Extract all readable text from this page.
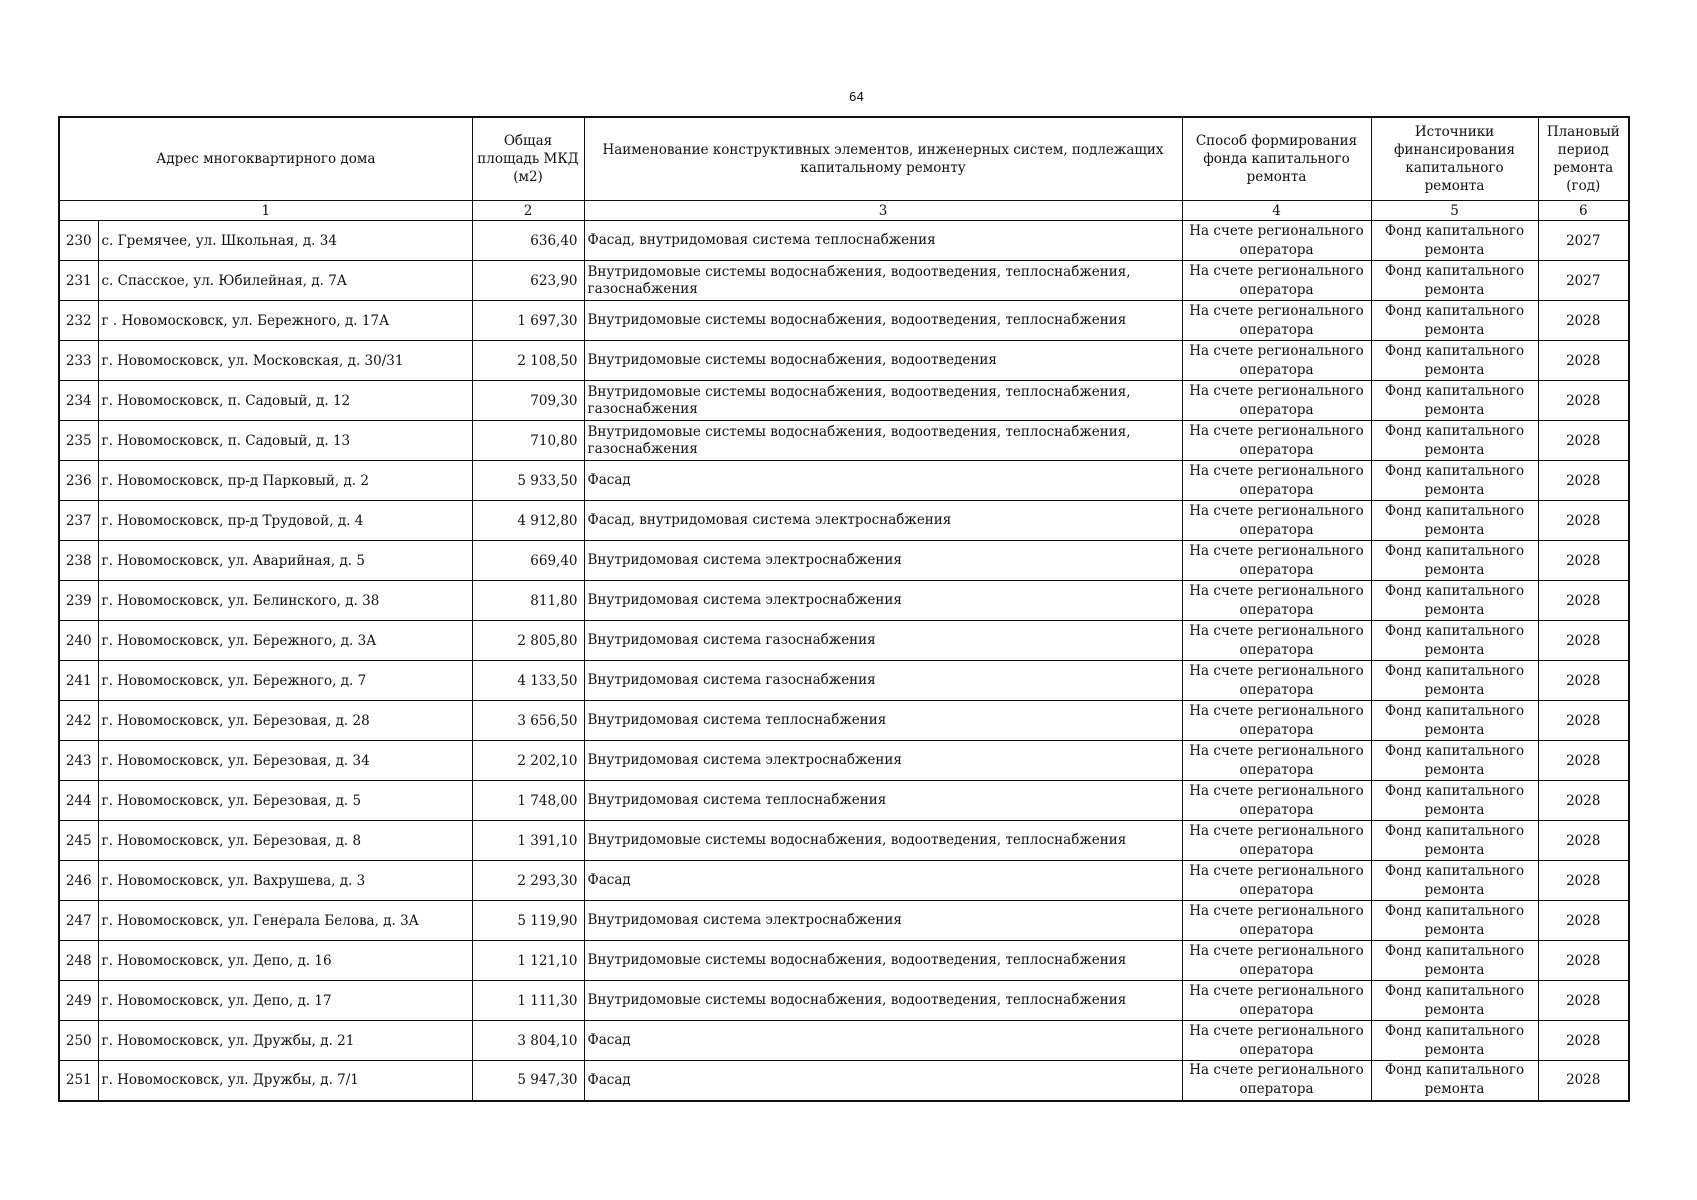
64
Адрес многоквартирного дома		Общая площадь МКД (м2)	Наименование конструктивных элементов, инженерных систем, подлежащих капитальному ремонту	Способ формирования фонда капитального ремонта	Источники финансирования капитального ремонта	Плановый период ремонта (год)
1		2	3	4	5	6
230	с. Гремячее, ул. Школьная, д. 34	636,40	Фасад, внутридомовая система теплоснабжения	На счете регионального оператора	Фонд капитального ремонта	2027
231	с. Спасское, ул. Юбилейная, д. 7А	623,90	Внутридомовые системы водоснабжения, водоотведения, теплоснабжения, газоснабжения	На счете регионального оператора	Фонд капитального ремонта	2027
232	г . Новомосковск, ул. Бережного, д. 17А	1 697,30	Внутридомовые системы водоснабжения, водоотведения, теплоснабжения	На счете регионального оператора	Фонд капитального ремонта	2028
233	г. Новомосковск, ул. Московская, д. 30/31	2 108,50	Внутридомовые системы водоснабжения, водоотведения	На счете регионального оператора	Фонд капитального ремонта	2028
234	г. Новомосковск, п. Садовый, д. 12	709,30	Внутридомовые системы водоснабжения, водоотведения, теплоснабжения, газоснабжения	На счете регионального оператора	Фонд капитального ремонта	2028
235	г. Новомосковск, п. Садовый, д. 13	710,80	Внутридомовые системы водоснабжения, водоотведения, теплоснабжения, газоснабжения	На счете регионального оператора	Фонд капитального ремонта	2028
236	г. Новомосковск, пр-д Парковый, д. 2	5 933,50	Фасад	На счете регионального оператора	Фонд капитального ремонта	2028
237	г. Новомосковск, пр-д Трудовой, д. 4	4 912,80	Фасад, внутридомовая система электроснабжения	На счете регионального оператора	Фонд капитального ремонта	2028
238	г. Новомосковск, ул. Аварийная, д. 5	669,40	Внутридомовая система электроснабжения	На счете регионального оператора	Фонд капитального ремонта	2028
239	г. Новомосковск, ул. Белинского, д. 38	811,80	Внутридомовая система электроснабжения	На счете регионального оператора	Фонд капитального ремонта	2028
240	г. Новомосковск, ул. Бережного, д. 3А	2 805,80	Внутридомовая система газоснабжения	На счете регионального оператора	Фонд капитального ремонта	2028
241	г. Новомосковск, ул. Бережного, д. 7	4 133,50	Внутридомовая система газоснабжения	На счете регионального оператора	Фонд капитального ремонта	2028
242	г. Новомосковск, ул. Березовая, д. 28	3 656,50	Внутридомовая система теплоснабжения	На счете регионального оператора	Фонд капитального ремонта	2028
243	г. Новомосковск, ул. Березовая, д. 34	2 202,10	Внутридомовая система электроснабжения	На счете регионального оператора	Фонд капитального ремонта	2028
244	г. Новомосковск, ул. Березовая, д. 5	1 748,00	Внутридомовая система теплоснабжения	На счете регионального оператора	Фонд капитального ремонта	2028
245	г. Новомосковск, ул. Березовая, д. 8	1 391,10	Внутридомовые системы водоснабжения, водоотведения, теплоснабжения	На счете регионального оператора	Фонд капитального ремонта	2028
246	г. Новомосковск, ул. Вахрушева, д. 3	2 293,30	Фасад	На счете регионального оператора	Фонд капитального ремонта	2028
247	г. Новомосковск, ул. Генерала Белова, д. 3А	5 119,90	Внутридомовая система электроснабжения	На счете регионального оператора	Фонд капитального ремонта	2028
248	г. Новомосковск, ул. Депо, д. 16	1 121,10	Внутридомовые системы водоснабжения, водоотведения, теплоснабжения	На счете регионального оператора	Фонд капитального ремонта	2028
249	г. Новомосковск, ул. Депо, д. 17	1 111,30	Внутридомовые системы водоснабжения, водоотведения, теплоснабжения	На счете регионального оператора	Фонд капитального ремонта	2028
250	г. Новомосковск, ул. Дружбы, д. 21	3 804,10	Фасад	На счете регионального оператора	Фонд капитального ремонта	2028
251	г. Новомосковск, ул. Дружбы, д. 7/1	5 947,30	Фасад	На счете регионального оператора	Фонд капитального ремонта	2028
